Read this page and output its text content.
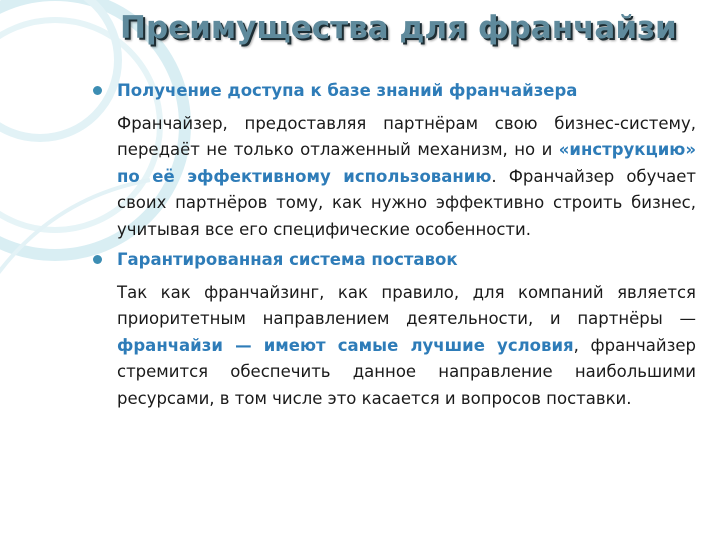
Преимущества для франчайзи
Получение доступа к базе знаний франчайзера
Франчайзер, предоставляя партнёрам свою бизнес-систему, передаёт не только отлаженный механизм, но и «инструкцию» по её эффективному использованию. Франчайзер обучает своих партнёров тому, как нужно эффективно строить бизнес, учитывая все его специфические особенности.
Гарантированная система поставок
Так как франчайзинг, как правило, для компаний является приоритетным направлением деятельности, и партнёры — франчайзи — имеют самые лучшие условия, франчайзер стремится обеспечить данное направление наибольшими ресурсами, в том числе это касается и вопросов поставки.
